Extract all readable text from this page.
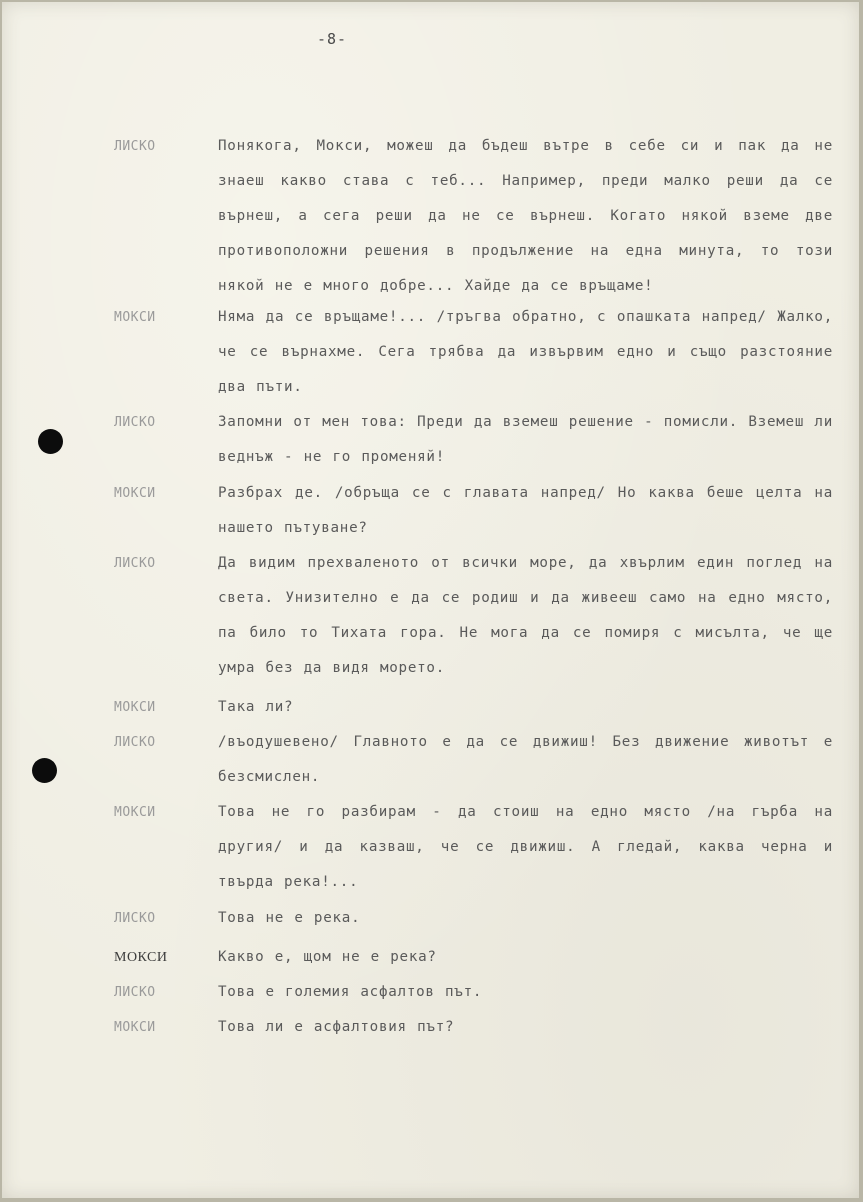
-8-
ЛИСКО	Понякога, Мокси, можеш да бъдеш вътре в себе си и пак да не знаеш какво става с теб... Например, преди малко реши да се върнеш, а сега реши да не се върнеш. Когато някой вземе две противоположни решения в продължение на една минута, то този някой не е много добре... Хайде да се връщаме!
МОКСИ	Няма да се връщаме!... /тръгва обратно, с опашката напред/ Жалко, че се върнахме. Сега трябва да извървим едно и също разстояние два пъти.
ЛИСКО	Запомни от мен това: Преди да вземеш решение - помисли. Вземеш ли веднъж - не го променяй!
МОКСИ	Разбрах де. /обръща се с главата напред/ Но каква беше целта на нашето пътуване?
ЛИСКО	Да видим прехваленото от всички море, да хвърлим един поглед на света. Унизително е да се родиш и да живееш само на едно място, па било то Тихата гора. Не мога да се помиря с мисълта, че ще умра без да видя морето.
МОКСИ	Така ли?
ЛИСКО	/въодушевено/ Главното е да се движиш! Без движение животът е безсмислен.
МОКСИ	Това не го разбирам - да стоиш на едно място /на гърба на другия/ и да казваш, че се движиш. А гледай, каква черна и твърда река!...
ЛИСКО	Това не е река.
МОКСИ	Какво е, щом не е река?
ЛИСКО	Това е големия асфалтов път.
МОКСИ	Това ли е асфалтовия път?
